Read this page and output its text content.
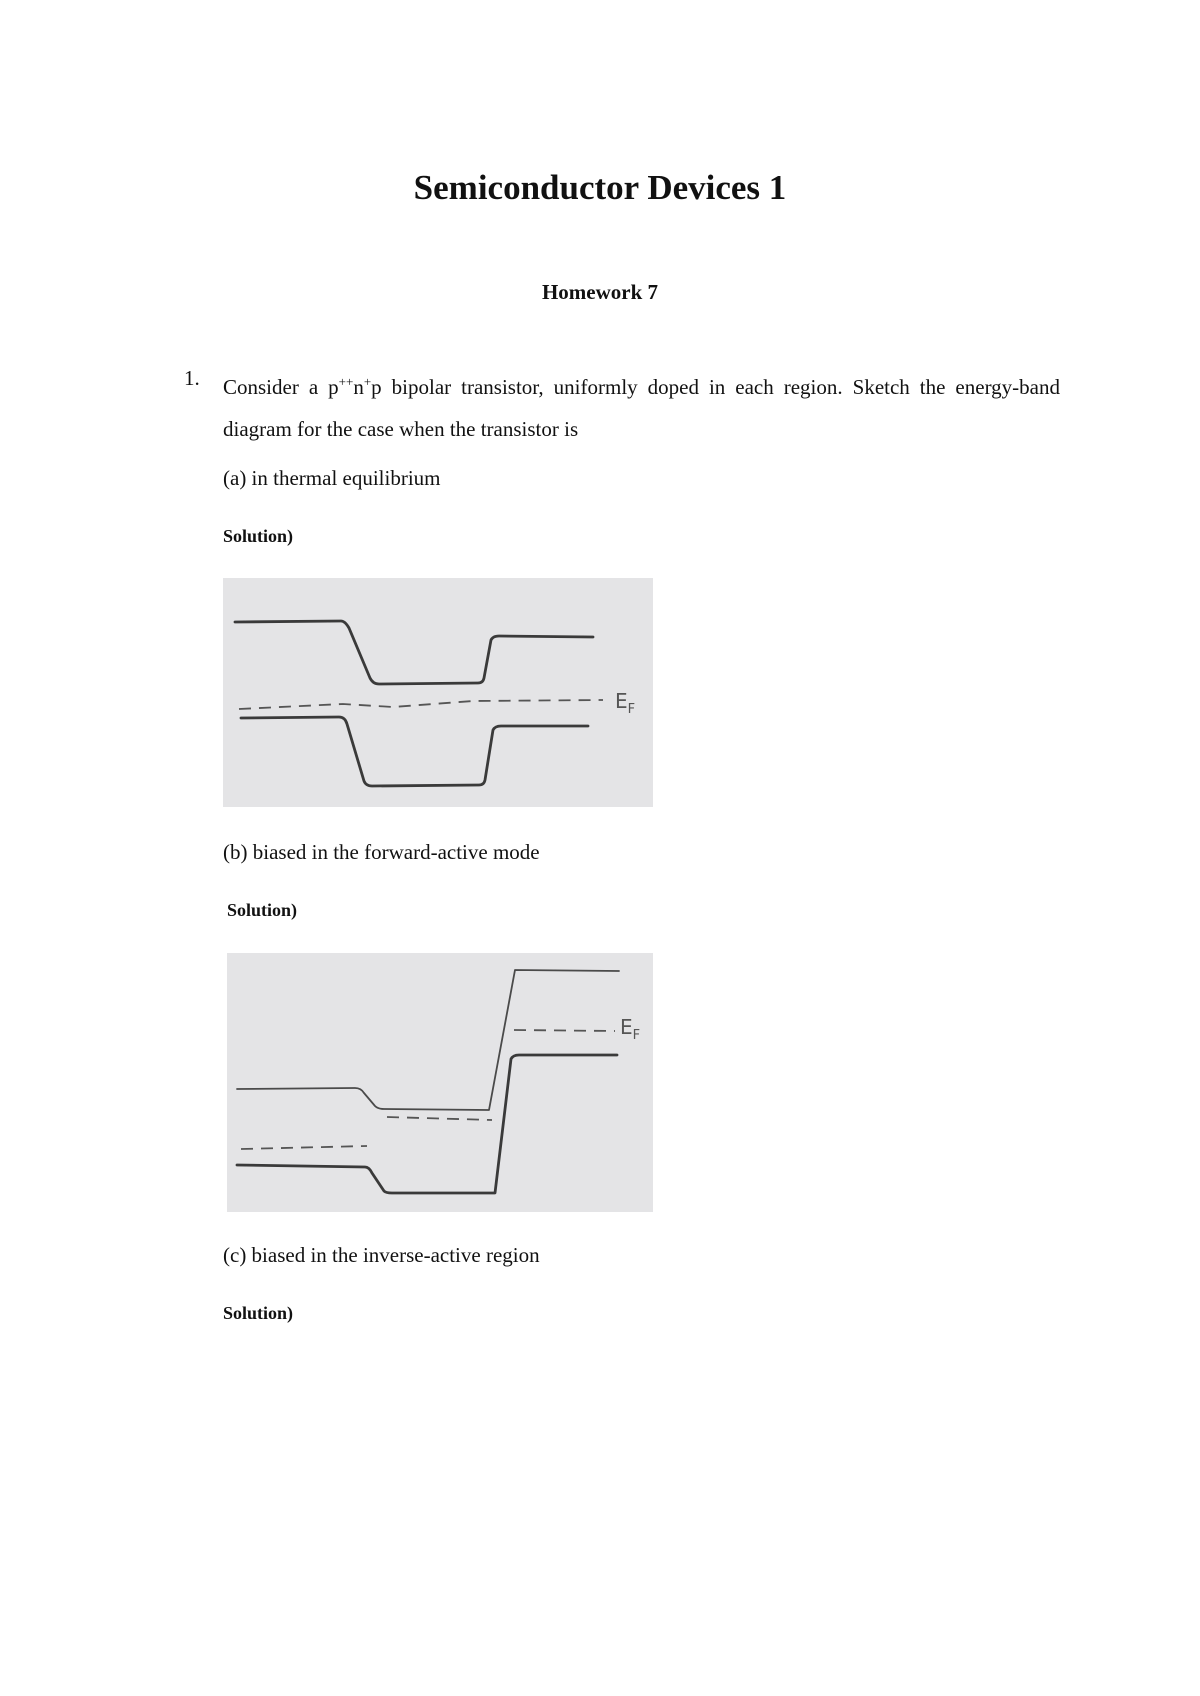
Semiconductor Devices 1
Homework 7
1. Consider a p++n+p bipolar transistor, uniformly doped in each region. Sketch the energy-band diagram for the case when the transistor is

(a) in thermal equilibrium
Solution)
$E_F$
(b) biased in the forward-active mode
Solution)
$E_F$
(c) biased in the inverse-active region
Solution)
